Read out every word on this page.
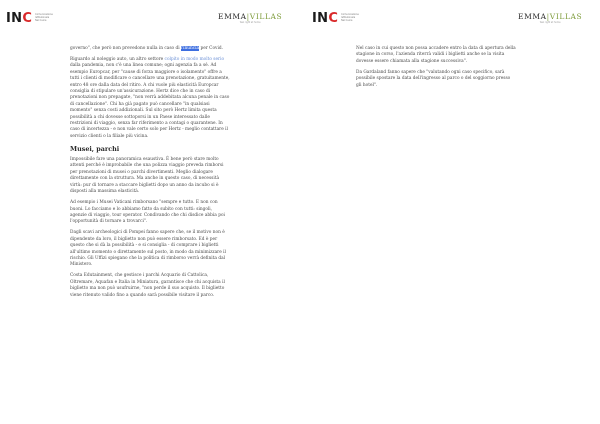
INC Comunicazione
Istituzionale
Nel Cuore	EMMA|VILLAS
feel right at home

governo", che però non prevedono nulla in caso di rinuncia per Covid.

Riguardo al noleggio auto, un altro settore colpito in modo molto serio dalla pandemia, non c'è una linea comune; ogni agenzia fa a sé. Ad esempio Europcar, per "cause di forza maggiore o isolamento" offre a tutti i clienti di modificare o cancellare una prenotazione, gratuitamente, entro 48 ore dalla data del ritiro. A chi vuole più elasticità Europcar consiglia di stipulare un'assicurazione. Hertz dice che in caso di prenotazioni non prepagate, "non verrà addebitata alcuna penale in caso di cancellazione". Chi ha già pagato può cancellare "in qualsiasi momento" senza costi addizionali. Sul sito però Hertz limita questa possibilità a chi dovesse sottoporsi in un Paese interessato dalle restrizioni di viaggio, senza far riferimento a contagi o quarantene. In caso di incertezza - e non vale certo solo per Hertz - meglio contattare il servizio clienti o la filiale più vicina.

Musei, parchi

Impossibile fare una panoramica esaustiva. È bene però stare molto attenti perché è improbabile che una polizza viaggio preveda rimborsi per prenotazioni di musei o parchi divertimenti. Meglio dialogare direttamente con la struttura. Ma anche in questo caso, di necessità virtù: pur di tornare a staccare biglietti dopo un anno da incubo si è disposti alla massima elasticità.

Ad esempio i Musei Vaticani rimborsano "sempre e tutto. E non con buoni. Lo facciamo e lo abbiamo fatto da subito con tutti: singoli, agenzie di viaggio, tour operator. Condivando che chi disdice abbia poi l'opportunità di tornare a trovarci".

Dagli scavi archeologici di Pompei fanno sapere che, se il motivo non è dipendente da loro, il biglietto non può essere rimborsato. Ed è per questo che si dà la possibilità - e si consiglia - di comprare i biglietti all'ultimo momento o direttamente sul posto, in modo da minimizzare il rischio. Gli Uffizi spiegano che la politica di rimborso verrà definita dal Ministero.

Costa Edutainment, che gestisce i parchi Acquario di Cattolica, Oltremare, Aquafan e Italia in Miniatura, garantisce che chi acquista il biglietto ma non può usufruirne, "non perde il suo acquisto. Il biglietto viene ritenuto valido fino a quando sarà possibile visitare il parco.

INC Comunicazione
Istituzionale
Nel Cuore	EMMA|VILLAS
feel right at home

Nel caso in cui questo non possa accadere entro la data di apertura della stagione in corso, l'azienda riterrà validi i biglietti anche se la visita dovesse essere chiamata alla stagione successiva".

Da Gardaland fanno sapere che "valutando ogni caso specifico, sarà possibile spostare la data dell'ingresso al parco o del soggiorno presso gli hotel".
